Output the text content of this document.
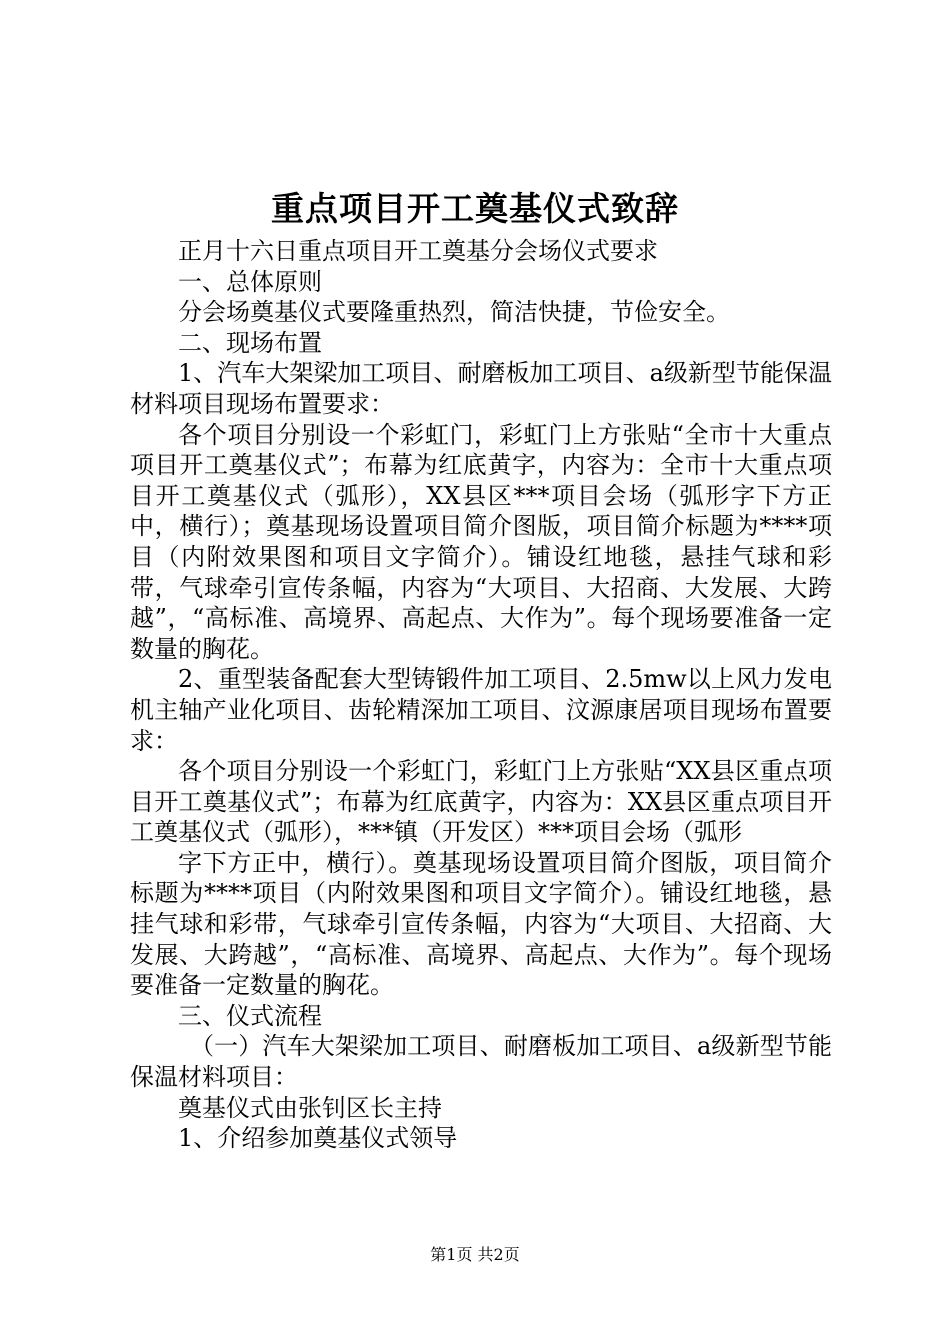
重点项目开工奠基仪式致辞

正月十六日重点项目开工奠基分会场仪式要求

一、总体原则

分会场奠基仪式要隆重热烈，简洁快捷，节俭安全。

二、现场布置

1、汽车大架梁加工项目、耐磨板加工项目、a级新型节能保温材料项目现场布置要求：

各个项目分别设一个彩虹门，彩虹门上方张贴“全市十大重点项目开工奠基仪式”；布幕为红底黄字，内容为：全市十大重点项目开工奠基仪式（弧形），XX县区***项目会场（弧形字下方正中，横行）；奠基现场设置项目简介图版，项目简介标题为****项目（内附效果图和项目文字简介）。铺设红地毯，悬挂气球和彩带，气球牵引宣传条幅，内容为“大项目、大招商、大发展、大跨越”，“高标准、高境界、高起点、大作为”。每个现场要准备一定数量的胸花。

2、重型装备配套大型铸锻件加工项目、2.5mw以上风力发电机主轴产业化项目、齿轮精深加工项目、汶源康居项目现场布置要求：

各个项目分别设一个彩虹门，彩虹门上方张贴“XX县区重点项目开工奠基仪式”；布幕为红底黄字，内容为：XX县区重点项目开工奠基仪式（弧形），***镇（开发区）***项目会场（弧形

字下方正中，横行）。奠基现场设置项目简介图版，项目简介标题为****项目（内附效果图和项目文字简介）。铺设红地毯，悬挂气球和彩带，气球牵引宣传条幅，内容为“大项目、大招商、大发展、大跨越”，“高标准、高境界、高起点、大作为”。每个现场要准备一定数量的胸花。

三、仪式流程

（一）汽车大架梁加工项目、耐磨板加工项目、a级新型节能保温材料项目：

奠基仪式由张钊区长主持

1、介绍参加奠基仪式领导

第1页 共2页
